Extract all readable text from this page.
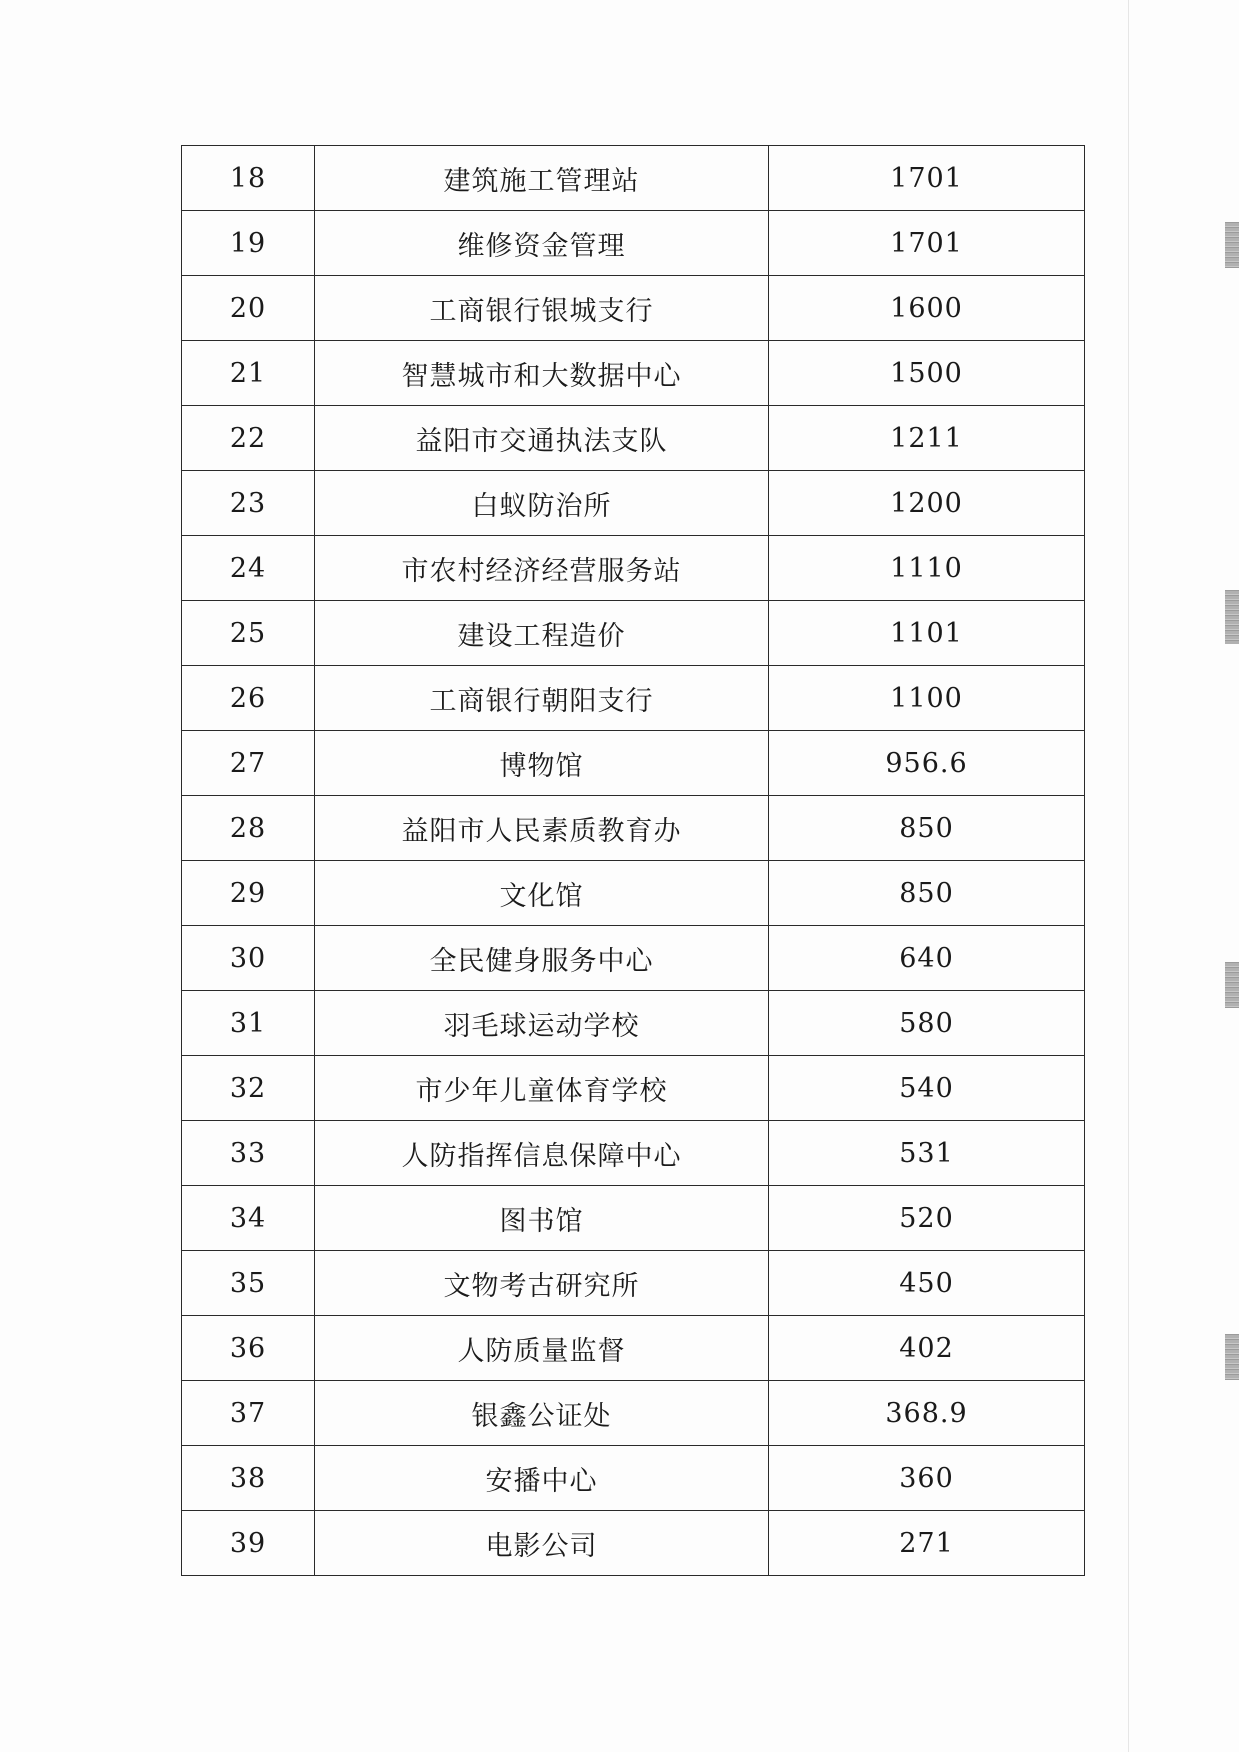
18	建筑施工管理站	1701
19	维修资金管理	1701
20	工商银行银城支行	1600
21	智慧城市和大数据中心	1500
22	益阳市交通执法支队	1211
23	白蚁防治所	1200
24	市农村经济经营服务站	1110
25	建设工程造价	1101
26	工商银行朝阳支行	1100
27	博物馆	956.6
28	益阳市人民素质教育办	850
29	文化馆	850
30	全民健身服务中心	640
31	羽毛球运动学校	580
32	市少年儿童体育学校	540
33	人防指挥信息保障中心	531
34	图书馆	520
35	文物考古研究所	450
36	人防质量监督	402
37	银鑫公证处	368.9
38	安播中心	360
39	电影公司	271
